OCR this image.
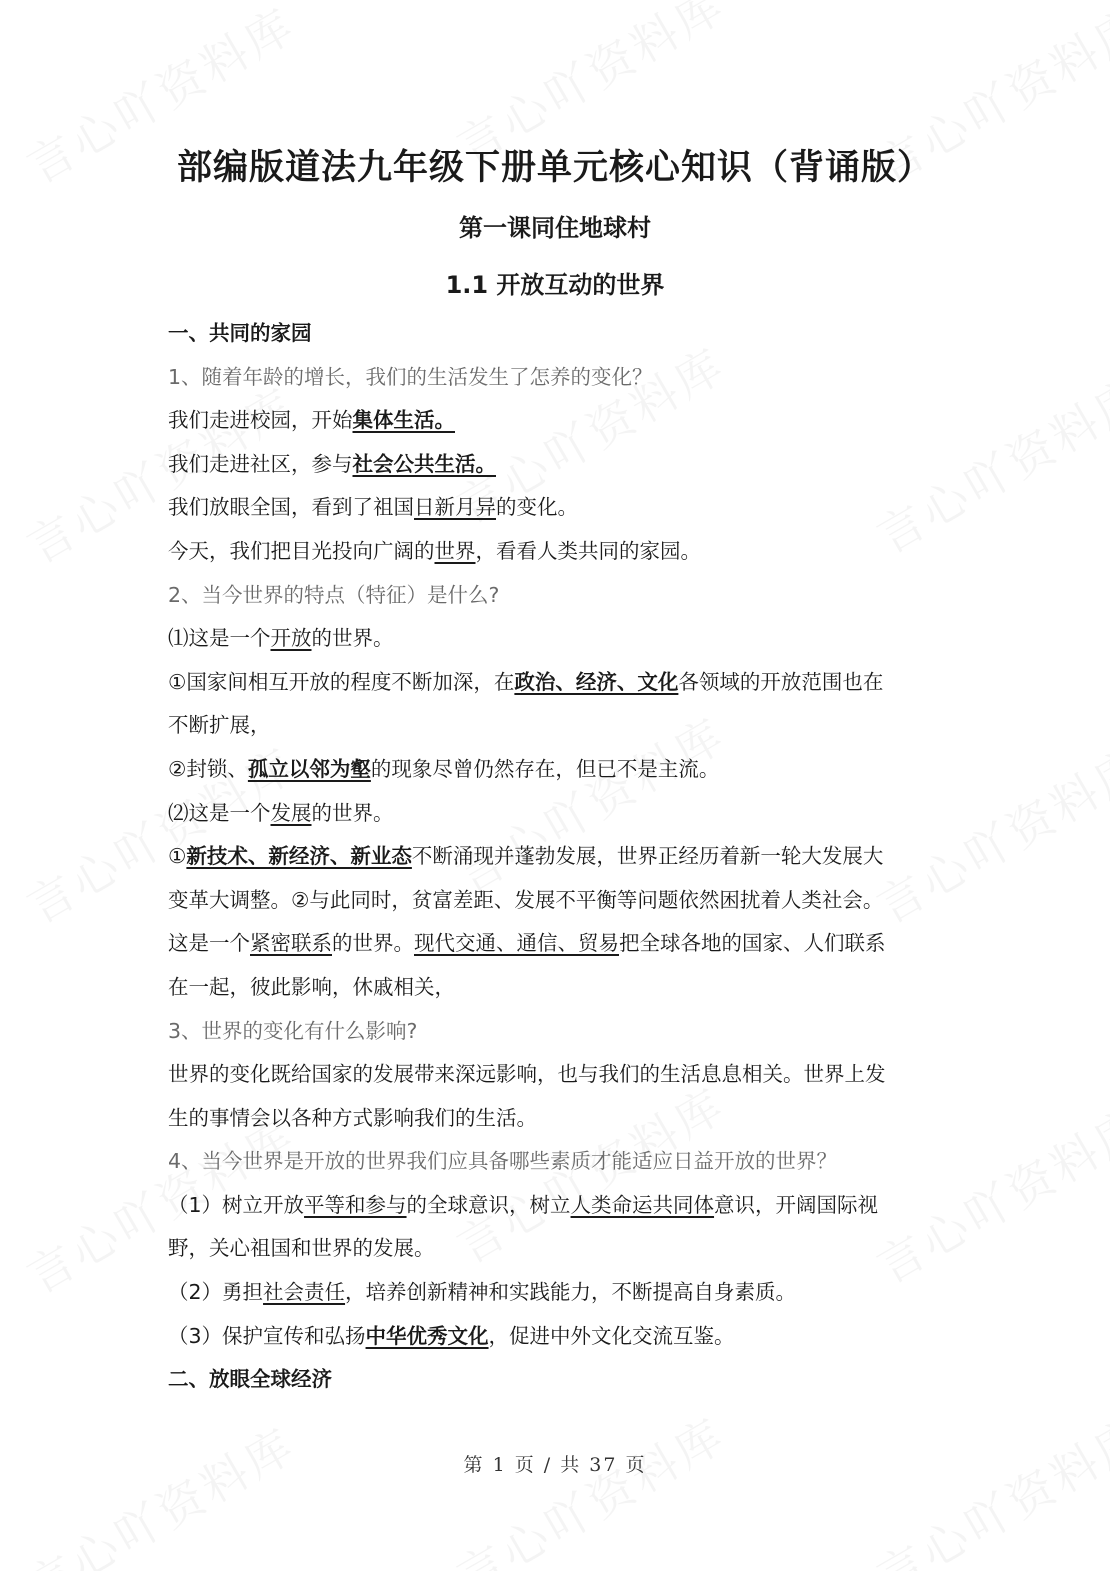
部编版道法九年级下册单元核心知识（背诵版）
第一课同住地球村
1.1 开放互动的世界

一、共同的家园

1、随着年龄的增长，我们的生活发生了怎养的变化？

我们走进校园，开始集体生活。

我们走进社区，参与社会公共生活。

我们放眼全国，看到了祖国日新月异的变化。

今天，我们把目光投向广阔的世界，看看人类共同的家园。

2、当今世界的特点（特征）是什么?

⑴这是一个开放的世界。

①国家间相互开放的程度不断加深，在政治、经济、文化各领域的开放范围也在

不断扩展，

②封锁、孤立以邻为壑的现象尽曾仍然存在，但已不是主流。

⑵这是一个发展的世界。

①新技术、新经济、新业态不断涌现并蓬勃发展，世界正经历着新一轮大发展大

变革大调整。②与此同时，贫富差距、发展不平衡等问题依然困扰着人类社会。

这是一个紧密联系的世界。现代交通、通信、贸易把全球各地的国家、人们联系

在一起，彼此影响，休戚相关，

3、世界的变化有什么影响?

世界的变化既给国家的发展带来深远影响，也与我们的生活息息相关。世界上发

生的事情会以各种方式影响我们的生活。

4、当今世界是开放的世界我们应具备哪些素质才能适应日益开放的世界？

（1）树立开放平等和参与的全球意识，树立人类命运共同体意识，开阔国际视

野，关心祖国和世界的发展。

（2）勇担社会责任，培养创新精神和实践能力，不断提高自身素质。

（3）保护宣传和弘扬中华优秀文化，促进中外文化交流互鉴。

二、放眼全球经济

第 1 页 / 共 37 页
